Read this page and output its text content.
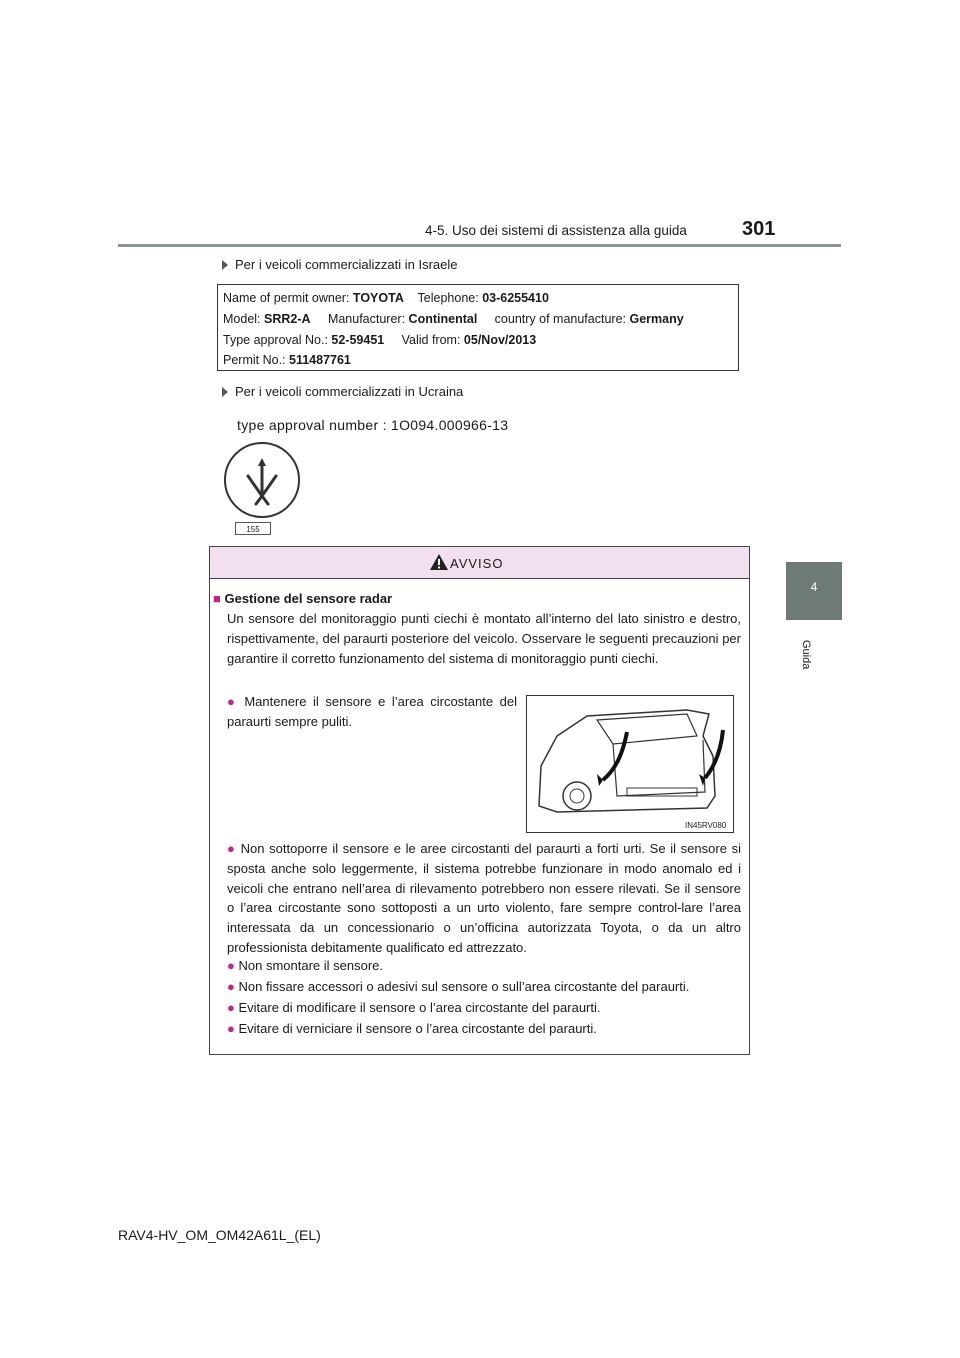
4-5. Uso dei sistemi di assistenza alla guida	301
4
Guida
Per i veicoli commercializzati in Israele
Name of permit owner: TOYOTA Telephone: 03-6255410
Model: SRR2-A Manufacturer: Continental country of manufacture: Germany
Type approval No.: 52-59451 Valid from: 05/Nov/2013
Permit No.: 511487761
Per i veicoli commercializzati in Ucraina
type approval number : 1O094.000966-13
155
AVVISO
■ Gestione del sensore radar
Un sensore del monitoraggio punti ciechi è montato all’interno del lato sinistro e destro, rispettivamente, del paraurti posteriore del veicolo. Osservare le seguenti precauzioni per garantire il corretto funzionamento del sistema di monitoraggio punti ciechi.
● Mantenere il sensore e l’area circostante del paraurti sempre puliti.
IN45RV080
● Non sottoporre il sensore e le aree circostanti del paraurti a forti urti. Se il sensore si sposta anche solo leggermente, il sistema potrebbe funzionare in modo anomalo ed i veicoli che entrano nell’area di rilevamento potrebbero non essere rilevati. Se il sensore o l’area circostante sono sottoposti a un urto violento, fare sempre control-lare l’area interessata da un concessionario o un’officina autorizzata Toyota, o da un altro professionista debitamente qualificato ed attrezzato.
● Non smontare il sensore.
● Non fissare accessori o adesivi sul sensore o sull’area circostante del paraurti.
● Evitare di modificare il sensore o l’area circostante del paraurti.
● Evitare di verniciare il sensore o l’area circostante del paraurti.
RAV4-HV_OM_OM42A61L_(EL)
